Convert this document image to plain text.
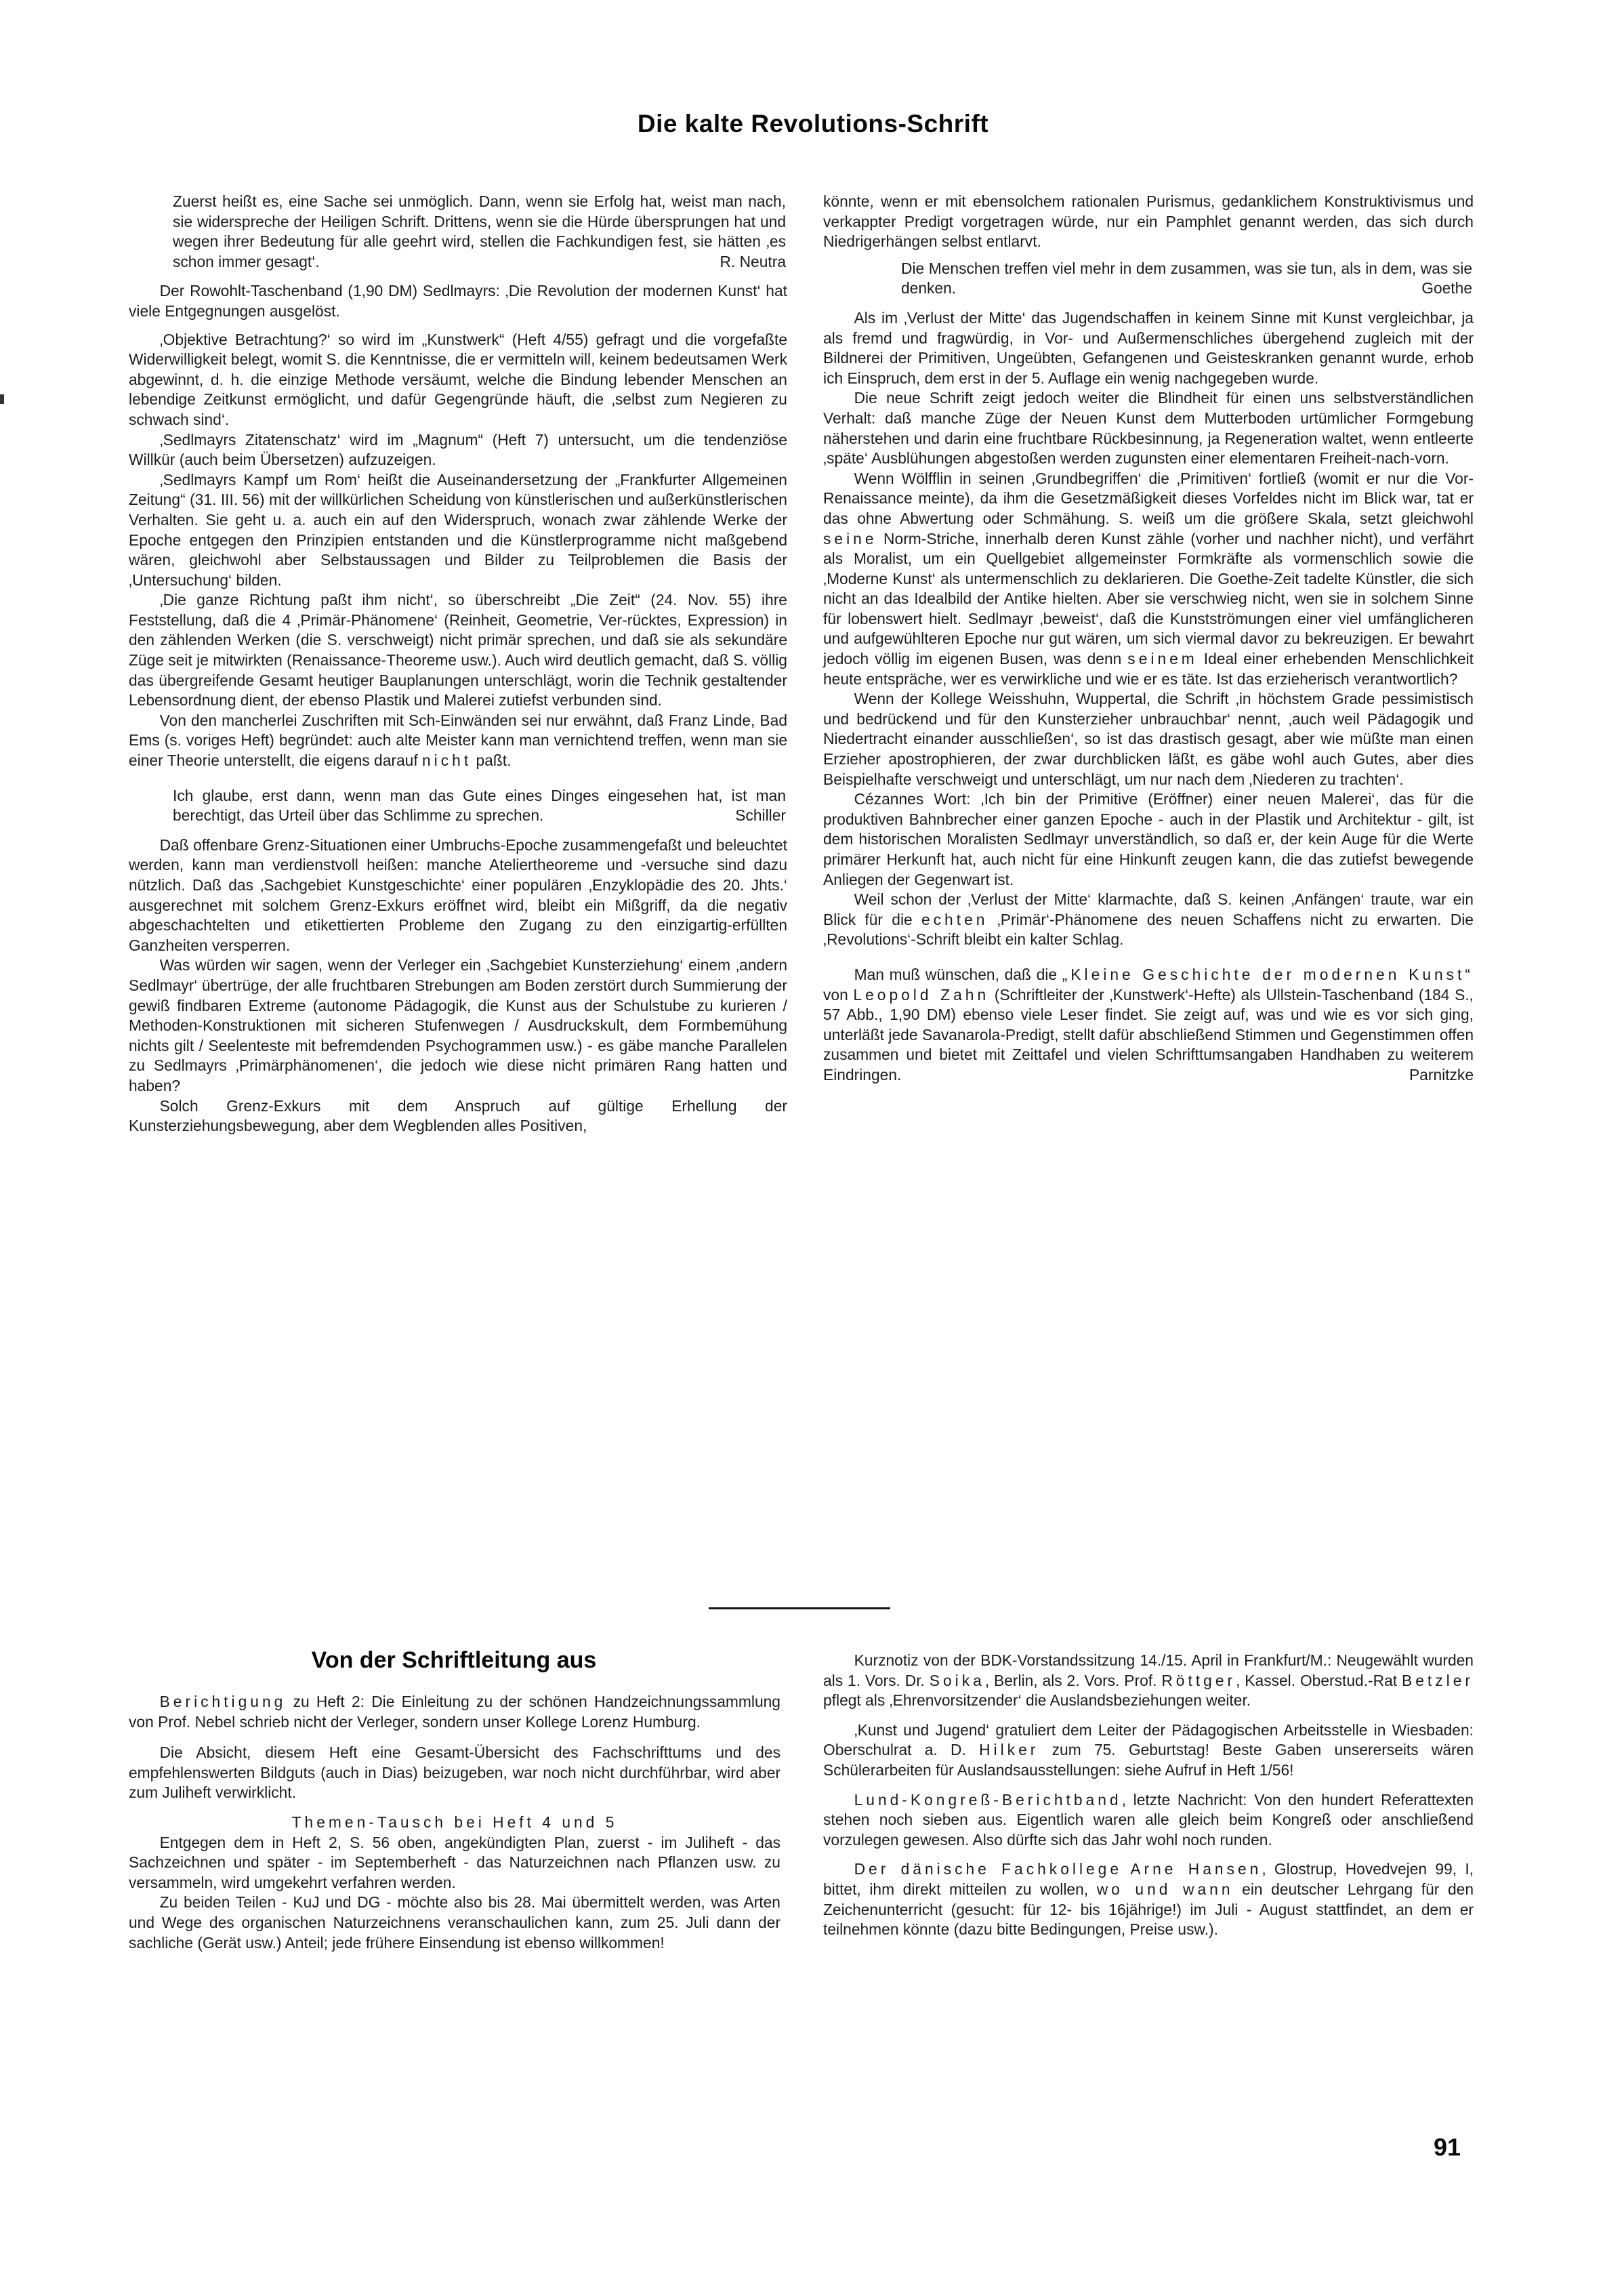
Die kalte Revolutions-Schrift
Zuerst heißt es, eine Sache sei unmöglich. Dann, wenn sie Erfolg hat, weist man nach, sie widerspreche der Heiligen Schrift. Drittens, wenn sie die Hürde übersprungen hat und wegen ihrer Bedeutung für alle geehrt wird, stellen die Fachkundigen fest, sie hätten ‚es schon immer gesagt‘.	R. Neutra

Der Rowohlt-Taschenband (1,90 DM) Sedlmayrs: ‚Die Revolution der modernen Kunst‘ hat viele Entgegnungen ausgelöst.

‚Objektive Betrachtung?‘ so wird im „Kunstwerk“ (Heft 4/55) gefragt und die vorgefaßte Widerwilligkeit belegt, womit S. die Kenntnisse, die er vermitteln will, keinem bedeutsamen Werk abgewinnt, d. h. die einzige Methode versäumt, welche die Bindung lebender Menschen an lebendige Zeitkunst ermöglicht, und dafür Gegengründe häuft, die ‚selbst zum Negieren zu schwach sind‘.

‚Sedlmayrs Zitatenschatz‘ wird im „Magnum“ (Heft 7) untersucht, um die tendenziöse Willkür (auch beim Übersetzen) aufzuzeigen.

‚Sedlmayrs Kampf um Rom‘ heißt die Auseinandersetzung der „Frankfurter Allgemeinen Zeitung“ (31. III. 56) mit der willkürlichen Scheidung von künstlerischen und außerkünstlerischen Verhalten. Sie geht u. a. auch ein auf den Widerspruch, wonach zwar zählende Werke der Epoche entgegen den Prinzipien entstanden und die Künstlerprogramme nicht maßgebend wären, gleichwohl aber Selbstaussagen und Bilder zu Teilproblemen die Basis der ‚Untersuchung‘ bilden.

‚Die ganze Richtung paßt ihm nicht‘, so überschreibt „Die Zeit“ (24. Nov. 55) ihre Feststellung, daß die 4 ‚Primär-Phänomene‘ (Reinheit, Geometrie, Ver-rücktes, Expression) in den zählenden Werken (die S. verschweigt) nicht primär sprechen, und daß sie als sekundäre Züge seit je mitwirkten (Renaissance-Theoreme usw.). Auch wird deutlich gemacht, daß S. völlig das übergreifende Gesamt heutiger Bauplanungen unterschlägt, worin die Technik gestaltender Lebensordnung dient, der ebenso Plastik und Malerei zutiefst verbunden sind.

Von den mancherlei Zuschriften mit Sch-Einwänden sei nur erwähnt, daß Franz Linde, Bad Ems (s. voriges Heft) begründet: auch alte Meister kann man vernichtend treffen, wenn man sie einer Theorie unterstellt, die eigens darauf nicht paßt.

Ich glaube, erst dann, wenn man das Gute eines Dinges eingesehen hat, ist man berechtigt, das Urteil über das Schlimme zu sprechen.	Schiller

Daß offenbare Grenz-Situationen einer Umbruchs-Epoche zusammengefaßt und beleuchtet werden, kann man verdienstvoll heißen: manche Ateliertheoreme und -versuche sind dazu nützlich. Daß das ‚Sachgebiet Kunstgeschichte‘ einer populären ‚Enzyklopädie des 20. Jhts.‘ ausgerechnet mit solchem Grenz-Exkurs eröffnet wird, bleibt ein Mißgriff, da die negativ abgeschachtelten und etikettierten Probleme den Zugang zu den einzigartig-erfüllten Ganzheiten versperren.

Was würden wir sagen, wenn der Verleger ein ‚Sachgebiet Kunsterziehung‘ einem ‚andern Sedlmayr‘ übertrüge, der alle fruchtbaren Strebungen am Boden zerstört durch Summierung der gewiß findbaren Extreme (autonome Pädagogik, die Kunst aus der Schulstube zu kurieren / Methoden-Konstruktionen mit sicheren Stufenwegen / Ausdruckskult, dem Formbemühung nichts gilt / Seelenteste mit befremdenden Psychogrammen usw.) - es gäbe manche Parallelen zu Sedlmayrs ‚Primärphänomenen‘, die jedoch wie diese nicht primären Rang hatten und haben?

Solch Grenz-Exkurs mit dem Anspruch auf gültige Erhellung der Kunsterziehungsbewegung, aber dem Wegblenden alles Positiven,

könnte, wenn er mit ebensolchem rationalen Purismus, gedanklichem Konstruktivismus und verkappter Predigt vorgetragen würde, nur ein Pamphlet genannt werden, das sich durch Niedrigerhängen selbst entlarvt.

Die Menschen treffen viel mehr in dem zusammen, was sie tun, als in dem, was sie denken.	Goethe

Als im ‚Verlust der Mitte‘ das Jugendschaffen in keinem Sinne mit Kunst vergleichbar, ja als fremd und fragwürdig, in Vor- und Außermenschliches übergehend zugleich mit der Bildnerei der Primitiven, Ungeübten, Gefangenen und Geisteskranken genannt wurde, erhob ich Einspruch, dem erst in der 5. Auflage ein wenig nachgegeben wurde.

Die neue Schrift zeigt jedoch weiter die Blindheit für einen uns selbstverständlichen Verhalt: daß manche Züge der Neuen Kunst dem Mutterboden urtümlicher Formgebung näherstehen und darin eine fruchtbare Rückbesinnung, ja Regeneration waltet, wenn entleerte ‚späte‘ Ausblühungen abgestoßen werden zugunsten einer elementaren Freiheit-nach-vorn.

Wenn Wölfflin in seinen ‚Grundbegriffen‘ die ‚Primitiven‘ fortließ (womit er nur die Vor-Renaissance meinte), da ihm die Gesetzmäßigkeit dieses Vorfeldes nicht im Blick war, tat er das ohne Abwertung oder Schmähung. S. weiß um die größere Skala, setzt gleichwohl seine Norm-Striche, innerhalb deren Kunst zähle (vorher und nachher nicht), und verfährt als Moralist, um ein Quellgebiet allgemeinster Formkräfte als vormenschlich sowie die ‚Moderne Kunst‘ als untermenschlich zu deklarieren. Die Goethe-Zeit tadelte Künstler, die sich nicht an das Idealbild der Antike hielten. Aber sie verschwieg nicht, wen sie in solchem Sinne für lobenswert hielt. Sedlmayr ‚beweist‘, daß die Kunstströmungen einer viel umfänglicheren und aufgewühlteren Epoche nur gut wären, um sich viermal davor zu bekreuzigen. Er bewahrt jedoch völlig im eigenen Busen, was denn seinem Ideal einer erhebenden Menschlichkeit heute entspräche, wer es verwirkliche und wie er es täte. Ist das erzieherisch verantwortlich?

Wenn der Kollege Weisshuhn, Wuppertal, die Schrift ‚in höchstem Grade pessimistisch und bedrückend und für den Kunsterzieher unbrauchbar‘ nennt, ‚auch weil Pädagogik und Niedertracht einander ausschließen‘, so ist das drastisch gesagt, aber wie müßte man einen Erzieher apostrophieren, der zwar durchblicken läßt, es gäbe wohl auch Gutes, aber dies Beispielhafte verschweigt und unterschlägt, um nur nach dem ‚Niederen zu trachten‘.

Cézannes Wort: ‚Ich bin der Primitive (Eröffner) einer neuen Malerei‘, das für die produktiven Bahnbrecher einer ganzen Epoche - auch in der Plastik und Architektur - gilt, ist dem historischen Moralisten Sedlmayr unverständlich, so daß er, der kein Auge für die Werte primärer Herkunft hat, auch nicht für eine Hinkunft zeugen kann, die das zutiefst bewegende Anliegen der Gegenwart ist.

Weil schon der ‚Verlust der Mitte‘ klarmachte, daß S. keinen ‚Anfängen‘ traute, war ein Blick für die echten ‚Primär‘-Phänomene des neuen Schaffens nicht zu erwarten. Die ‚Revolutions‘-Schrift bleibt ein kalter Schlag.

Man muß wünschen, daß die „Kleine Geschichte der modernen Kunst“ von Leopold Zahn (Schriftleiter der ‚Kunstwerk‘-Hefte) als Ullstein-Taschenband (184 S., 57 Abb., 1,90 DM) ebenso viele Leser findet. Sie zeigt auf, was und wie es vor sich ging, unterläßt jede Savanarola-Predigt, stellt dafür abschließend Stimmen und Gegenstimmen offen zusammen und bietet mit Zeittafel und vielen Schrifttumsangaben Handhaben zu weiterem Eindringen.	Parnitzke

Von der Schriftleitung aus

Berichtigung zu Heft 2: Die Einleitung zu der schönen Handzeichnungssammlung von Prof. Nebel schrieb nicht der Verleger, sondern unser Kollege Lorenz Humburg.

Die Absicht, diesem Heft eine Gesamt-Übersicht des Fachschrifttums und des empfehlenswerten Bildguts (auch in Dias) beizugeben, war noch nicht durchführbar, wird aber zum Juliheft verwirklicht.

Themen-Tausch bei Heft 4 und 5

Entgegen dem in Heft 2, S. 56 oben, angekündigten Plan, zuerst - im Juliheft - das Sachzeichnen und später - im Septemberheft - das Naturzeichnen nach Pflanzen usw. zu versammeln, wird umgekehrt verfahren werden.

Zu beiden Teilen - KuJ und DG - möchte also bis 28. Mai übermittelt werden, was Arten und Wege des organischen Naturzeichnens veranschaulichen kann, zum 25. Juli dann der sachliche (Gerät usw.) Anteil; jede frühere Einsendung ist ebenso willkommen!

Kurznotiz von der BDK-Vorstandssitzung 14./15. April in Frankfurt/M.: Neugewählt wurden als 1. Vors. Dr. Soika, Berlin, als 2. Vors. Prof. Röttger, Kassel. Oberstud.-Rat Betzler pflegt als ‚Ehrenvorsitzender‘ die Auslandsbeziehungen weiter.

‚Kunst und Jugend‘ gratuliert dem Leiter der Pädagogischen Arbeitsstelle in Wiesbaden: Oberschulrat a. D. Hilker zum 75. Geburtstag! Beste Gaben unsererseits wären Schülerarbeiten für Auslandsausstellungen: siehe Aufruf in Heft 1/56!

Lund-Kongreß-Berichtband, letzte Nachricht: Von den hundert Referattexten stehen noch sieben aus. Eigentlich waren alle gleich beim Kongreß oder anschließend vorzulegen gewesen. Also dürfte sich das Jahr wohl noch runden.

Der dänische Fachkollege Arne Hansen, Glostrup, Hovedvejen 99, I, bittet, ihm direkt mitteilen zu wollen, wo und wann ein deutscher Lehrgang für den Zeichenunterricht (gesucht: für 12- bis 16jährige!) im Juli - August stattfindet, an dem er teilnehmen könnte (dazu bitte Bedingungen, Preise usw.).

91
